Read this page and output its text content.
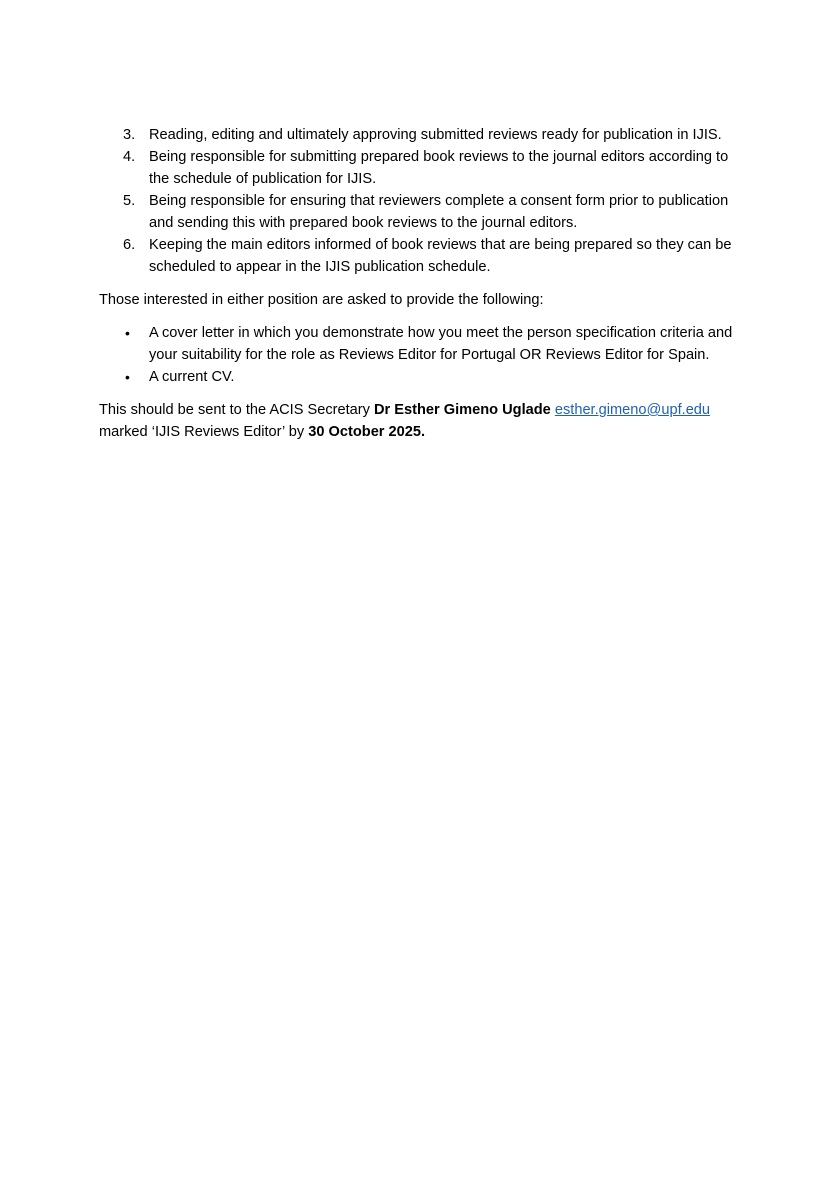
3. Reading, editing and ultimately approving submitted reviews ready for publication in IJIS.
4. Being responsible for submitting prepared book reviews to the journal editors according to the schedule of publication for IJIS.
5. Being responsible for ensuring that reviewers complete a consent form prior to publication and sending this with prepared book reviews to the journal editors.
6. Keeping the main editors informed of book reviews that are being prepared so they can be scheduled to appear in the IJIS publication schedule.

Those interested in either position are asked to provide the following:

• A cover letter in which you demonstrate how you meet the person specification criteria and your suitability for the role as Reviews Editor for Portugal OR Reviews Editor for Spain.
• A current CV.

This should be sent to the ACIS Secretary Dr Esther Gimeno Uglade esther.gimeno@upf.edu marked ‘IJIS Reviews Editor’ by 30 October 2025.
